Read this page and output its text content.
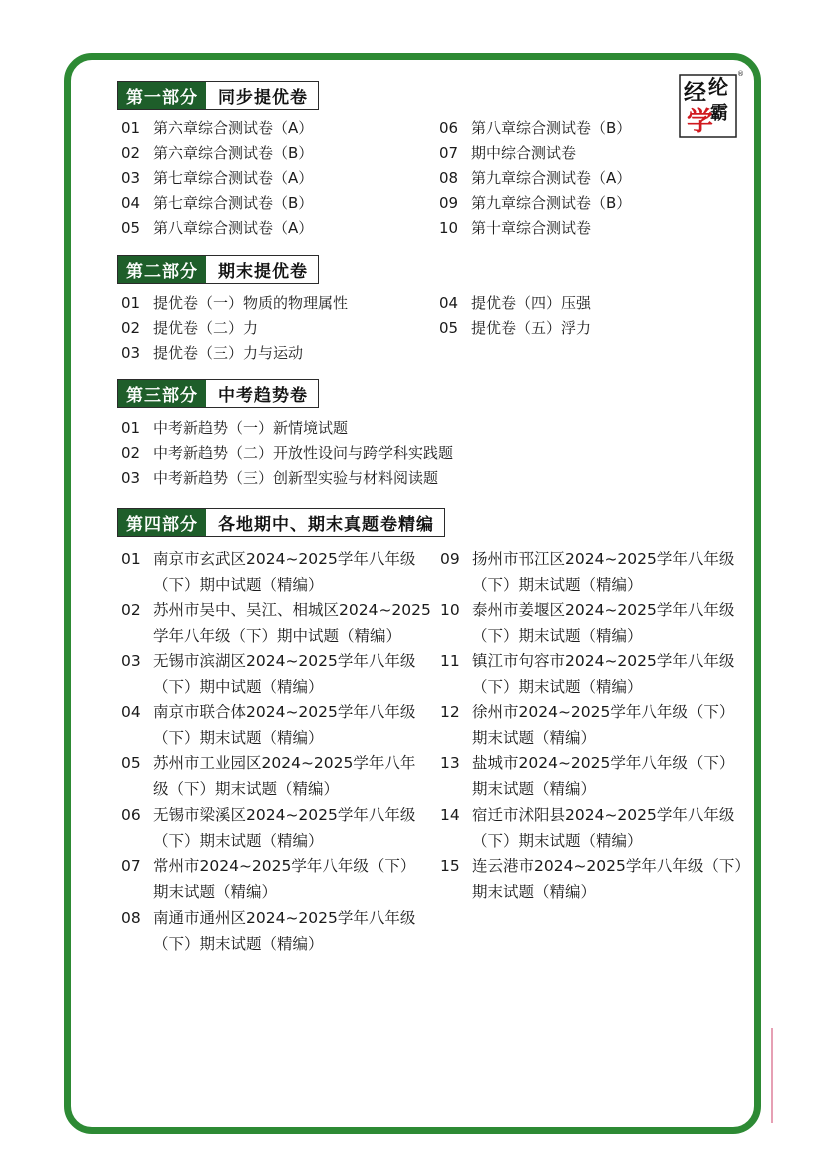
经 纶
学
霸
®
第一部分	同步提优卷
01 第六章综合测试卷（A）
02 第六章综合测试卷（B）
03 第七章综合测试卷（A）
04 第七章综合测试卷（B）
05 第八章综合测试卷（A）
06 第八章综合测试卷（B）
07 期中综合测试卷
08 第九章综合测试卷（A）
09 第九章综合测试卷（B）
10 第十章综合测试卷
第二部分	期末提优卷
01 提优卷（一）物质的物理属性
02 提优卷（二）力
03 提优卷（三）力与运动
04 提优卷（四）压强
05 提优卷（五）浮力
第三部分	中考趋势卷
01 中考新趋势（一）新情境试题
02 中考新趋势（二）开放性设问与跨学科实践题
03 中考新趋势（三）创新型实验与材料阅读题
第四部分	各地期中、期末真题卷精编
01 南京市玄武区2024~2025学年八年级
（下）期中试题（精编）
02 苏州市吴中、吴江、相城区2024~2025
学年八年级（下）期中试题（精编）
03 无锡市滨湖区2024~2025学年八年级
（下）期中试题（精编）
04 南京市联合体2024~2025学年八年级
（下）期末试题（精编）
05 苏州市工业园区2024~2025学年八年
级（下）期末试题（精编）
06 无锡市梁溪区2024~2025学年八年级
（下）期末试题（精编）
07 常州市2024~2025学年八年级（下）
期末试题（精编）
08 南通市通州区2024~2025学年八年级
（下）期末试题（精编）
09 扬州市邗江区2024~2025学年八年级
（下）期末试题（精编）
10 泰州市姜堰区2024~2025学年八年级
（下）期末试题（精编）
11 镇江市句容市2024~2025学年八年级
（下）期末试题（精编）
12 徐州市2024~2025学年八年级（下）
期末试题（精编）
13 盐城市2024~2025学年八年级（下）
期末试题（精编）
14 宿迁市沭阳县2024~2025学年八年级
（下）期末试题（精编）
15 连云港市2024~2025学年八年级（下）
期末试题（精编）
